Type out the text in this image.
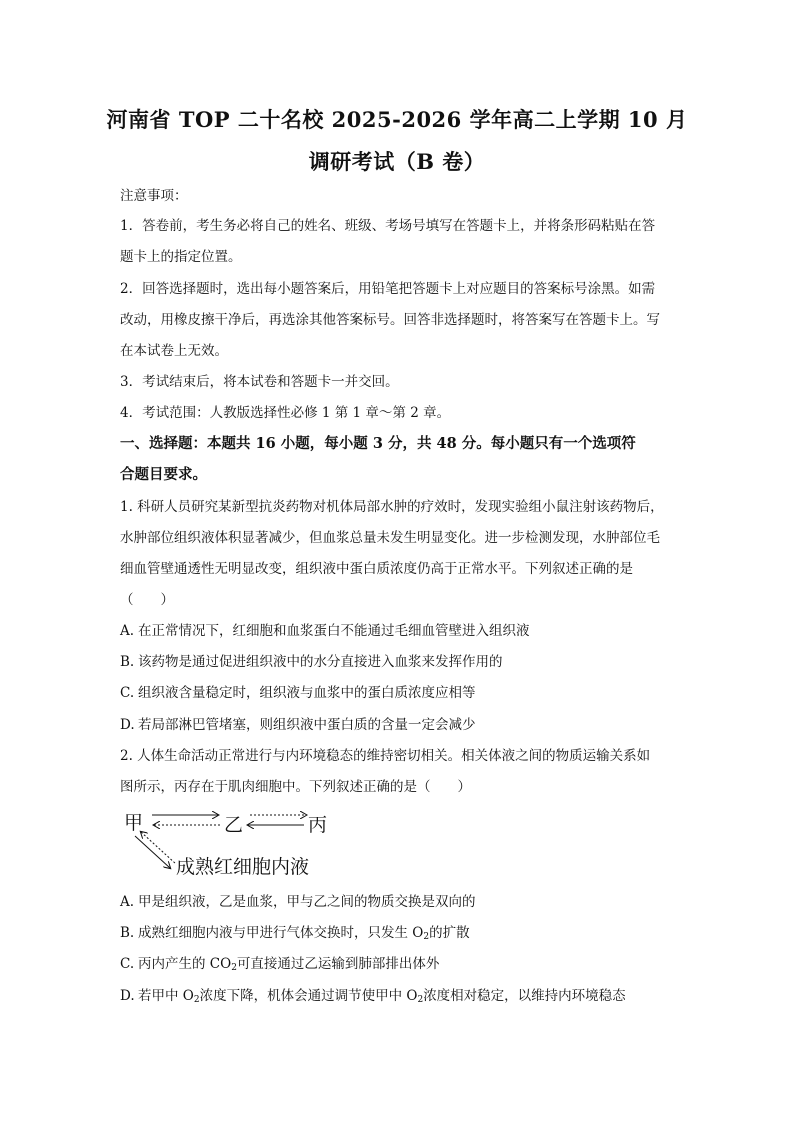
河南省 TOP 二十名校 2025-2026 学年高二上学期 10 月
调研考试（B 卷）
注意事项：
1．答卷前，考生务必将自己的姓名、班级、考场号填写在答题卡上，并将条形码粘贴在答
题卡上的指定位置。
2．回答选择题时，选出每小题答案后，用铅笔把答题卡上对应题目的答案标号涂黑。如需
改动，用橡皮擦干净后，再选涂其他答案标号。回答非选择题时，将答案写在答题卡上。写
在本试卷上无效。
3．考试结束后，将本试卷和答题卡一并交回。
4．考试范围：人教版选择性必修 1 第 1 章～第 2 章。
一、选择题：本题共 16 小题，每小题 3 分，共 48 分。每小题只有一个选项符
合题目要求。
1. 科研人员研究某新型抗炎药物对机体局部水肿的疗效时，发现实验组小鼠注射该药物后，
水肿部位组织液体积显著减少，但血浆总量未发生明显变化。进一步检测发现，水肿部位毛
细血管壁通透性无明显改变，组织液中蛋白质浓度仍高于正常水平。下列叙述正确的是
（　　）
A. 在正常情况下，红细胞和血浆蛋白不能通过毛细血管壁进入组织液
B. 该药物是通过促进组织液中的水分直接进入血浆来发挥作用的
C. 组织液含量稳定时，组织液与血浆中的蛋白质浓度应相等
D. 若局部淋巴管堵塞，则组织液中蛋白质的含量一定会减少
2. 人体生命活动正常进行与内环境稳态的维持密切相关。相关体液之间的物质运输关系如
图所示，丙存在于肌肉细胞中。下列叙述正确的是（　　）
甲	乙	丙
成熟红细胞内液
A. 甲是组织液，乙是血浆，甲与乙之间的物质交换是双向的
B. 成熟红细胞内液与甲进行气体交换时，只发生 $O_2$的扩散
C. 丙内产生的 $CO_2$可直接通过乙运输到肺部排出体外
D. 若甲中 $O_2$浓度下降，机体会通过调节使甲中 $O_2$浓度相对稳定，以维持内环境稳态
